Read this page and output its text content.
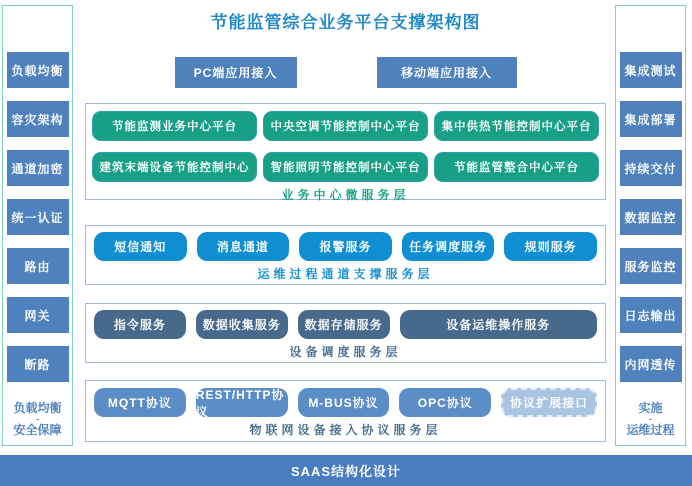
节能监管综合业务平台支撑架构图
负载均衡
容灾架构
通道加密
统一认证
路由
网关
断路
负载均衡
-
安全保障
集成测试
集成部署
持续交付
数据监控
服务监控
日志输出
内网透传
实施
-
运维过程
PC端应用接入	移动端应用接入
节能监测业务中心平台	中央空调节能控制中心平台	集中供热节能控制中心平台
建筑末端设备节能控制中心	智能照明节能控制中心平台	节能监管整合中心平台
业务中心微服务层
短信通知	消息通道	报警服务	任务调度服务	规则服务
运维过程通道支撑服务层
指令服务	数据收集服务	数据存储服务	设备运维操作服务
设备调度服务层
MQTT协议
REST/HTTP协议
M-BUS协议	OPC协议	协议扩展接口
物联网设备接入协议服务层
SAAS结构化设计
